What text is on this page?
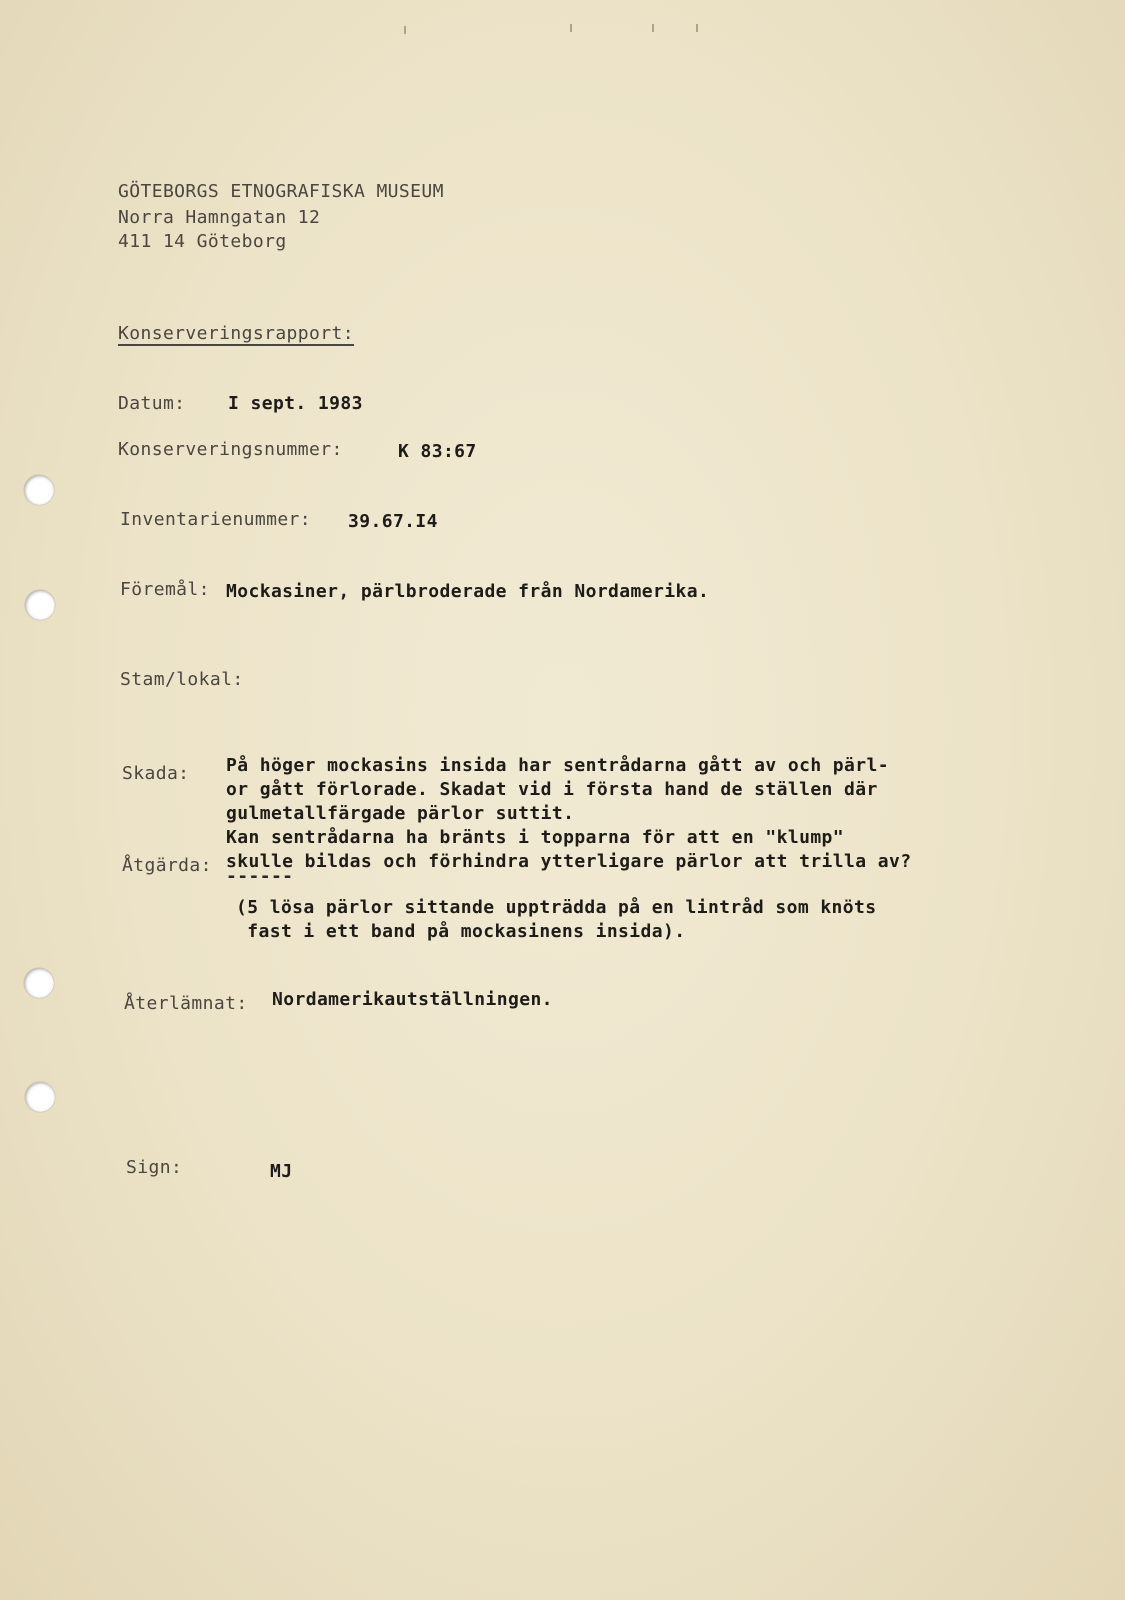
GÖTEBORGS ETNOGRAFISKA MUSEUM
Norra Hamngatan 12
411 14 Göteborg
Konserveringsrapport:
Datum: I sept. 1983
Konserveringsnummer:	K 83:67
Inventarienummer: 39.67.I4
Föremål: Mockasiner, pärlbroderade från Nordamerika.
Stam/lokal:
Skada: På höger mockasins insida har sentrådarna gått av och pärl-
or gått förlorade. Skadat vid i första hand de ställen där
gulmetallfärgade pärlor suttit.
Kan sentrådarna ha bränts i topparna för att en "klump"
Åtgärda: skulle bildas och förhindra ytterligare pärlor att trilla av?
------
(5 lösa pärlor sittande uppträdda på en lintråd som knöts
fast i ett band på mockasinens insida).
Återlämnat: Nordamerikautställningen.
Sign:	MJ
